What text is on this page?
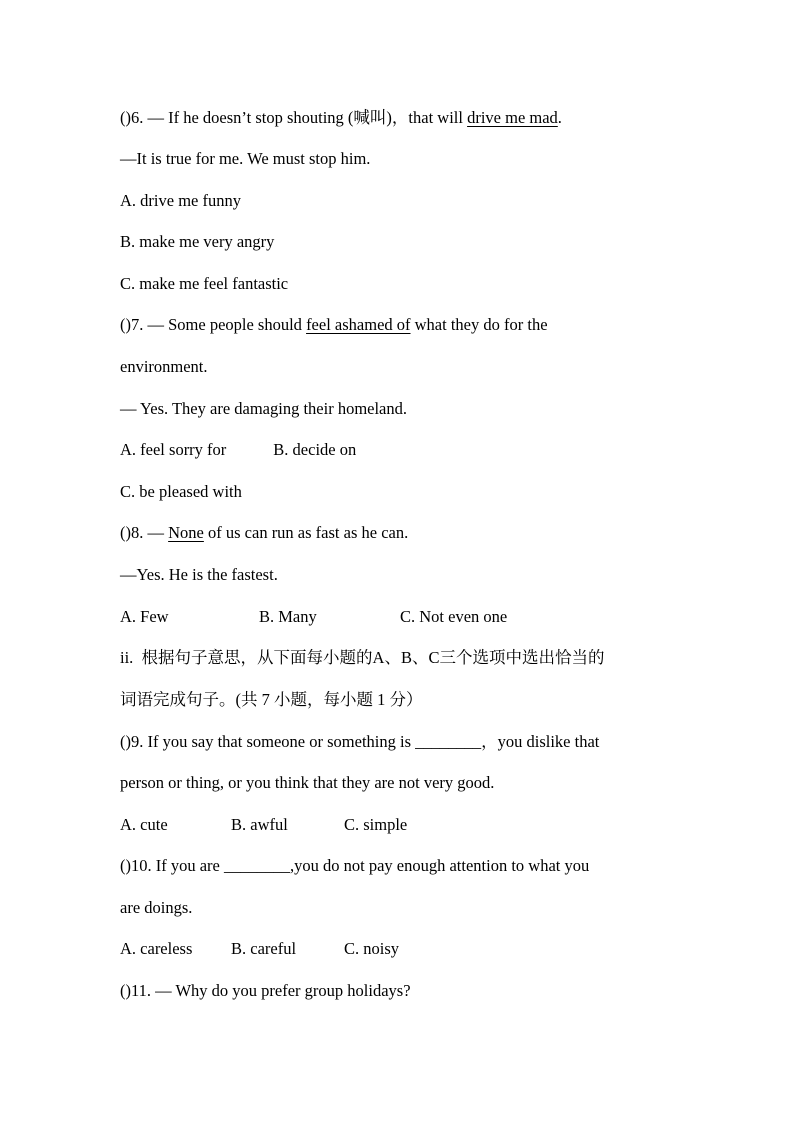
()6. — If he doesn’t stop shouting (喊叫)，that will drive me mad.
—It is true for me. We must stop him.
A. drive me funny
B. make me very angry
C. make me feel fantastic
()7. — Some people should feel ashamed of what they do for the
environment.
— Yes. They are damaging their homeland.
A. feel sorry for	B. decide on
C. be pleased with
()8. — None of us can run as fast as he can.
—Yes. He is the fastest.
A. Few	B. Many	C. Not even one
ii.  根据句子意思，从下面每小题的A、B、C三个选项中选出恰当的
词语完成句子。(共 7 小题，每小题 1 分）
()9. If you say that someone or something is ________，you dislike that
person or thing, or you think that they are not very good.
A. cute	B. awful	C. simple
()10. If you are ________,you do not pay enough attention to what you
are doings.
A. careless B. careful	C. noisy
()11. — Why do you prefer group holidays?
